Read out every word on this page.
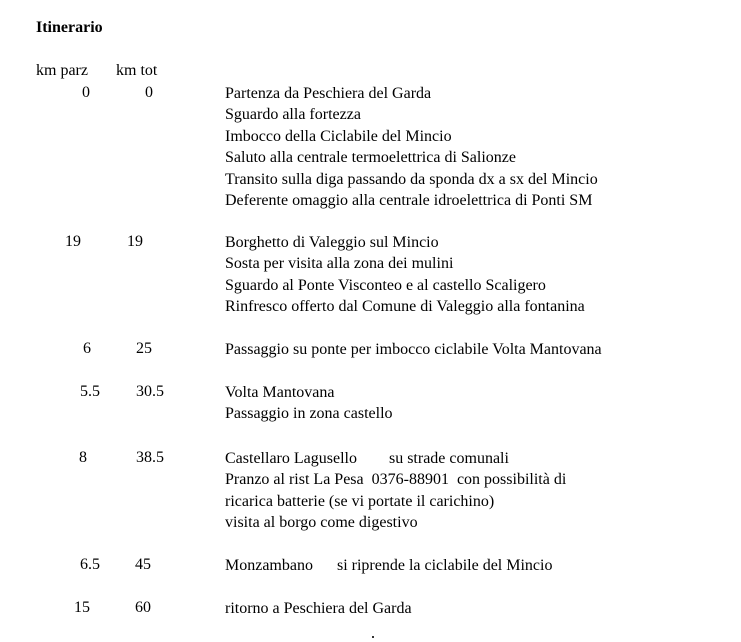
Itinerario
km parz km tot
0	0	Partenza da Peschiera del Garda
Sguardo alla fortezza
Imbocco della Ciclabile del Mincio
Saluto alla centrale termoelettrica di Salionze
Transito sulla diga passando da sponda dx a sx del Mincio
Deferente omaggio alla centrale idroelettrica di Ponti SM
19	19	Borghetto di Valeggio sul Mincio
Sosta per visita alla zona dei mulini
Sguardo al Ponte Visconteo e al castello Scaligero
Rinfresco offerto dal Comune di Valeggio alla fontanina
6	25	Passaggio su ponte per imbocco ciclabile Volta Mantovana
5.5	30.5	Volta Mantovana
Passaggio in zona castello
8	38.5	Castellaro Lagusello        su strade comunali
Pranzo al rist La Pesa  0376-88901  con possibilità di
ricarica batterie (se vi portate il carichino)
visita al borgo come digestivo
6.5	45	Monzambano      si riprende la ciclabile del Mincio
15	60	ritorno a Peschiera del Garda
